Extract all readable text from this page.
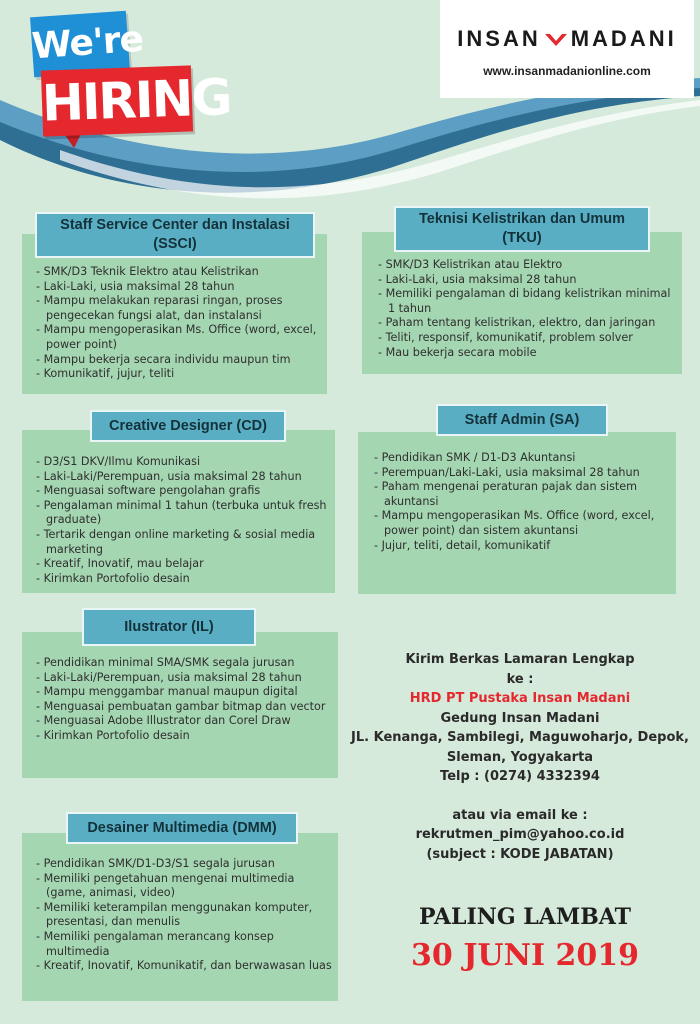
We're
HIRING
INSAN MADANI
www.insanmadanionline.com
Staff Service Center dan Instalasi
(SSCI)
- SMK/D3 Teknik Elektro atau Kelistrikan
- Laki-Laki, usia maksimal 28 tahun
- Mampu melakukan reparasi ringan, proses pengecekan fungsi alat, dan instalansi
- Mampu mengoperasikan Ms. Office (word, excel, power point)
- Mampu bekerja secara individu maupun tim
- Komunikatif, jujur, teliti
Teknisi Kelistrikan dan Umum
(TKU)
- SMK/D3 Kelistrikan atau Elektro
- Laki-Laki, usia maksimal 28 tahun
- Memiliki pengalaman di bidang kelistrikan minimal 1 tahun
- Paham tentang kelistrikan, elektro, dan jaringan
- Teliti, responsif, komunikatif, problem solver
- Mau bekerja secara mobile
Creative Designer (CD)
- D3/S1 DKV/Ilmu Komunikasi
- Laki-Laki/Perempuan, usia maksimal 28 tahun
- Menguasai software pengolahan grafis
- Pengalaman minimal 1 tahun (terbuka untuk fresh graduate)
- Tertarik dengan online marketing & sosial media marketing
- Kreatif, Inovatif, mau belajar
- Kirimkan Portofolio desain
Staff Admin (SA)
- Pendidikan SMK / D1-D3 Akuntansi
- Perempuan/Laki-Laki, usia maksimal 28 tahun
- Paham mengenai peraturan pajak dan sistem akuntansi
- Mampu mengoperasikan Ms. Office (word, excel, power point) dan sistem akuntansi
- Jujur, teliti, detail, komunikatif
Ilustrator (IL)
- Pendidikan minimal SMA/SMK segala jurusan
- Laki-Laki/Perempuan, usia maksimal 28 tahun
- Mampu menggambar manual maupun digital
- Menguasai pembuatan gambar bitmap dan vector
- Menguasai Adobe Illustrator dan Corel Draw
- Kirimkan Portofolio desain
Desainer Multimedia (DMM)
- Pendidikan SMK/D1-D3/S1 segala jurusan
- Memiliki pengetahuan mengenai multimedia (game, animasi, video)
- Memiliki keterampilan menggunakan komputer, presentasi, dan menulis
- Memiliki pengalaman merancang konsep multimedia
- Kreatif, Inovatif, Komunikatif, dan berwawasan luas
Kirim Berkas Lamaran Lengkap
ke :
HRD PT Pustaka Insan Madani
Gedung Insan Madani
JL. Kenanga, Sambilegi, Maguwoharjo, Depok,
Sleman, Yogyakarta
Telp : (0274) 4332394
atau via email ke :
rekrutmen_pim@yahoo.co.id
(subject : KODE JABATAN)
PALING LAMBAT
30 JUNI 2019
